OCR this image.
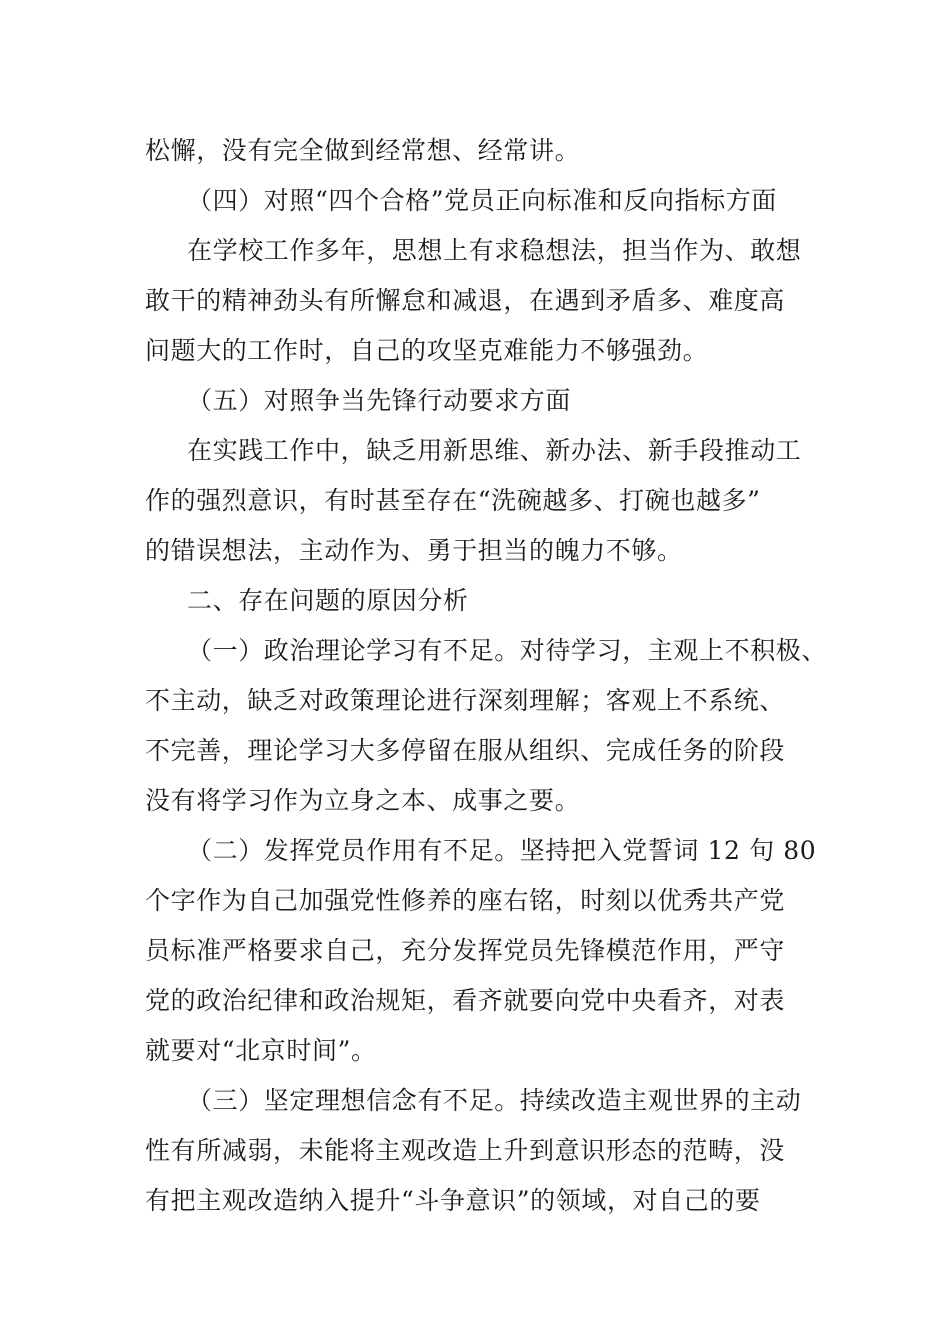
松懈，没有完全做到经常想、经常讲。
（四）对照“四个合格”党员正向标准和反向指标方面
在学校工作多年，思想上有求稳想法，担当作为、敢想
敢干的精神劲头有所懈怠和减退，在遇到矛盾多、难度高
问题大的工作时，自己的攻坚克难能力不够强劲。
（五）对照争当先锋行动要求方面
在实践工作中，缺乏用新思维、新办法、新手段推动工
作的强烈意识，有时甚至存在“洗碗越多、打碗也越多”
的错误想法，主动作为、勇于担当的魄力不够。
二、存在问题的原因分析
（一）政治理论学习有不足。对待学习，主观上不积极、
不主动，缺乏对政策理论进行深刻理解；客观上不系统、
不完善，理论学习大多停留在服从组织、完成任务的阶段
没有将学习作为立身之本、成事之要。
（二）发挥党员作用有不足。坚持把入党誓词 12 句 80
个字作为自己加强党性修养的座右铭，时刻以优秀共产党
员标准严格要求自己，充分发挥党员先锋模范作用，严守
党的政治纪律和政治规矩，看齐就要向党中央看齐，对表
就要对“北京时间”。
（三）坚定理想信念有不足。持续改造主观世界的主动
性有所减弱，未能将主观改造上升到意识形态的范畴，没
有把主观改造纳入提升“斗争意识”的领域，对自己的要
